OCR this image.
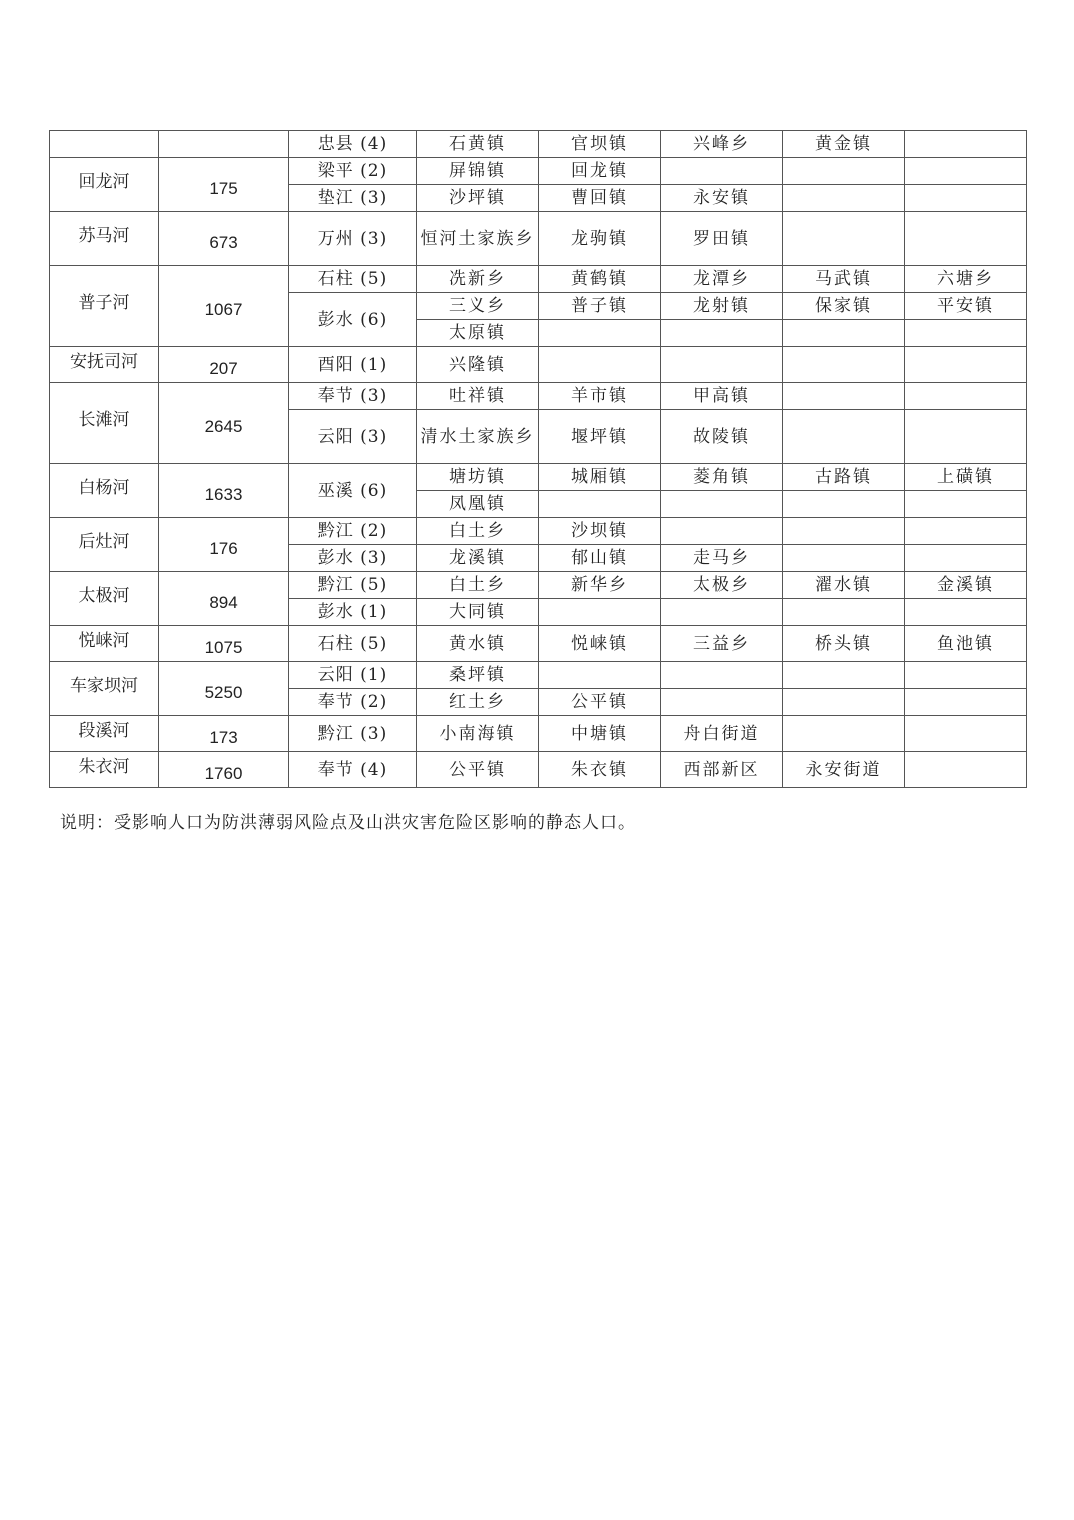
		忠县 (4)	石黄镇	官坝镇	兴峰乡	黄金镇	
回龙河	175	梁平 (2)	屏锦镇	回龙镇			
		垫江 (3)	沙坪镇	曹回镇	永安镇		
苏马河	673	万州 (3)	恒河土家族乡	龙驹镇	罗田镇		
普子河	1067	石柱 (5)	冼新乡	黄鹤镇	龙潭乡	马武镇	六塘乡
		彭水 (6)	三义乡	普子镇	龙射镇	保家镇	平安镇
			太原镇				
安抚司河	207	酉阳 (1)	兴隆镇				
长滩河	2645	奉节 (3)	吐祥镇	羊市镇	甲高镇		
		云阳 (3)	清水土家族乡	堰坪镇	故陵镇		
白杨河	1633	巫溪 (6)	塘坊镇	城厢镇	菱角镇	古路镇	上磺镇
			凤凰镇				
后灶河	176	黔江 (2)	白土乡	沙坝镇			
		彭水 (3)	龙溪镇	郁山镇	走马乡		
太极河	894	黔江 (5)	白土乡	新华乡	太极乡	濯水镇	金溪镇
		彭水 (1)	大同镇				
悦崃河	1075	石柱 (5)	黄水镇	悦崃镇	三益乡	桥头镇	鱼池镇
车家坝河	5250	云阳 (1)	桑坪镇				
		奉节 (2)	红土乡	公平镇			
段溪河	173	黔江 (3)	小南海镇	中塘镇	舟白街道		
朱衣河	1760	奉节 (4)	公平镇	朱衣镇	西部新区	永安街道	

说明：受影响人口为防洪薄弱风险点及山洪灾害危险区影响的静态人口。
